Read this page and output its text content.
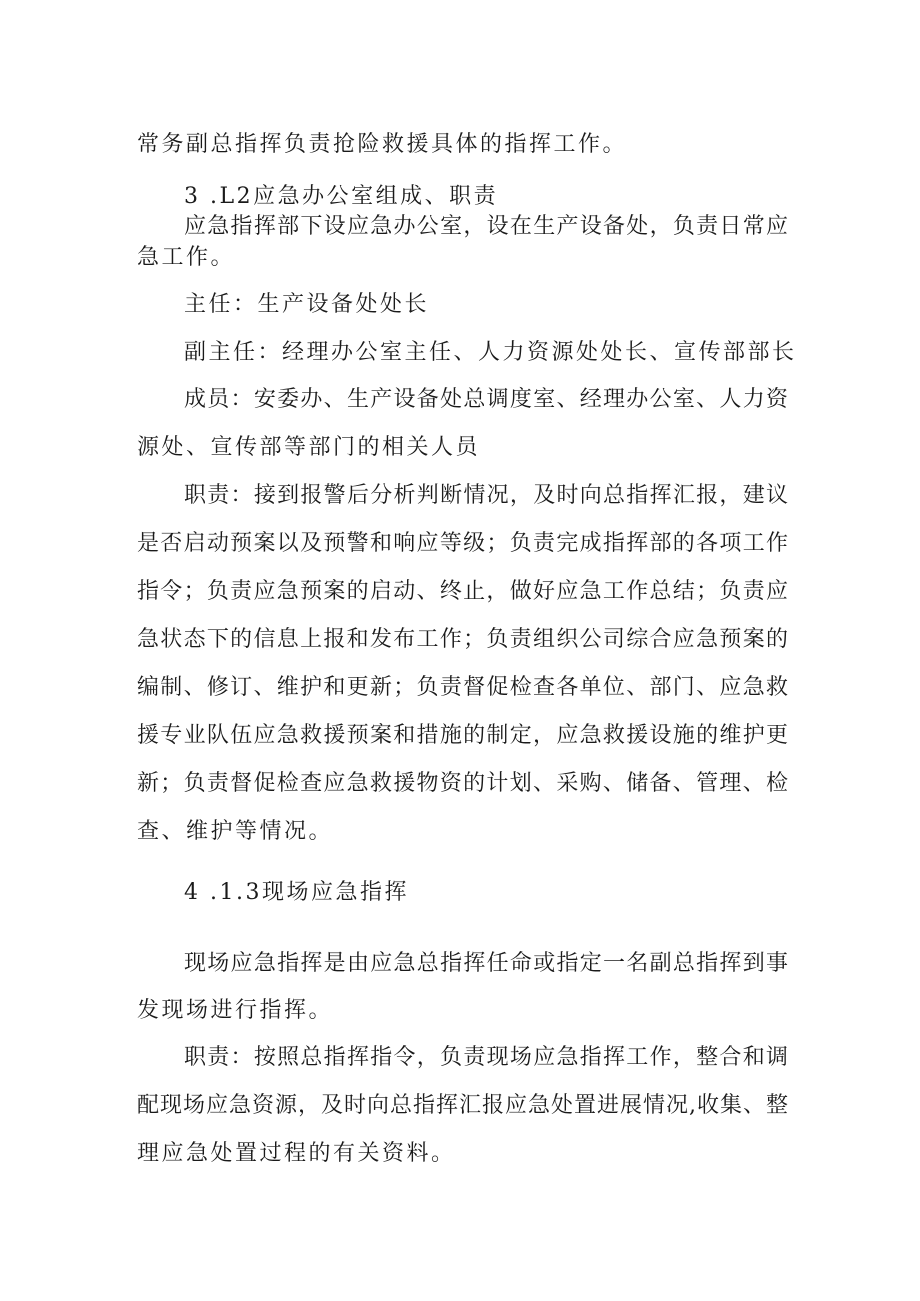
常务副总指挥负责抢险救援具体的指挥工作。
3 .L2应急办公室组成、职责
应急指挥部下设应急办公室，设在生产设备处，负责日常应
急工作。
主任：生产设备处处长
副主任：经理办公室主任、人力资源处处长、宣传部部长
成员：安委办、生产设备处总调度室、经理办公室、人力资
源处、宣传部等部门的相关人员
职责：接到报警后分析判断情况，及时向总指挥汇报，建议
是否启动预案以及预警和响应等级；负责完成指挥部的各项工作
指令；负责应急预案的启动、终止，做好应急工作总结；负责应
急状态下的信息上报和发布工作；负责组织公司综合应急预案的
编制、修订、维护和更新；负责督促检查各单位、部门、应急救
援专业队伍应急救援预案和措施的制定，应急救援设施的维护更
新；负责督促检查应急救援物资的计划、采购、储备、管理、检
查、维护等情况。
4 .1.3现场应急指挥
现场应急指挥是由应急总指挥任命或指定一名副总指挥到事
发现场进行指挥。
职责：按照总指挥指令，负责现场应急指挥工作，整合和调
配现场应急资源，及时向总指挥汇报应急处置进展情况,收集、整
理应急处置过程的有关资料。
